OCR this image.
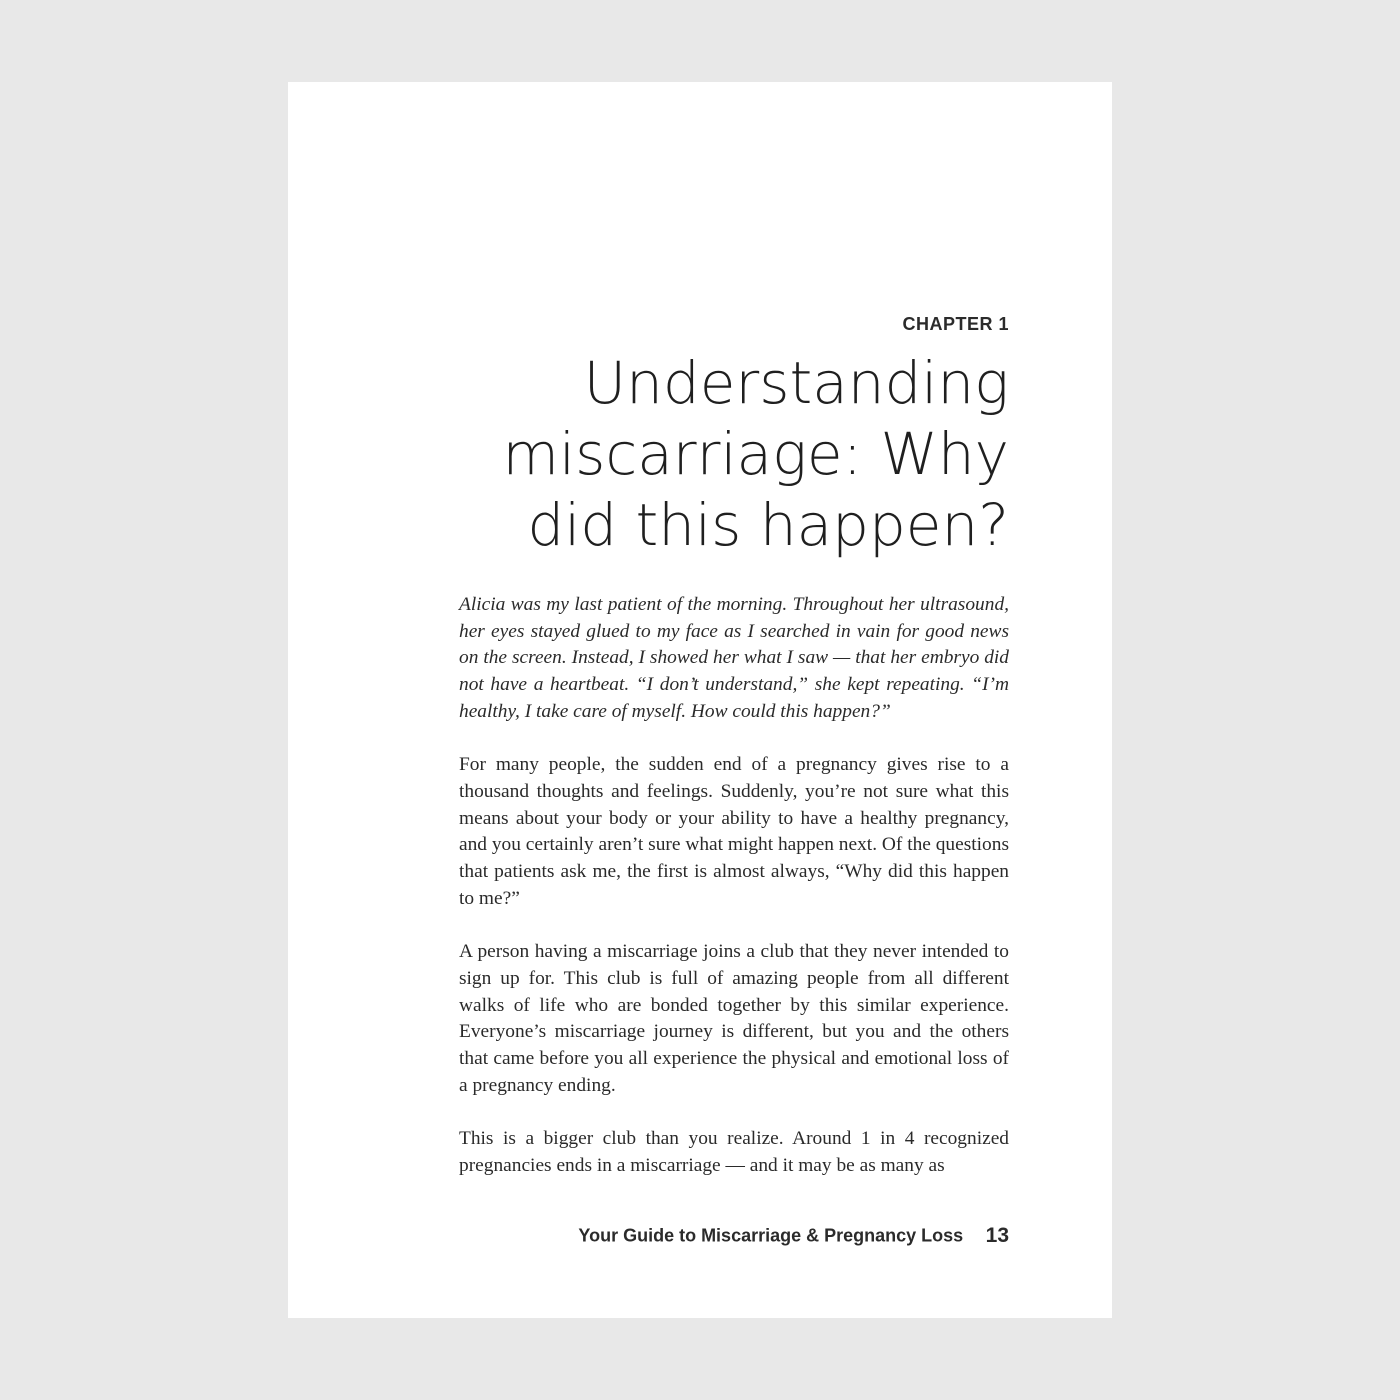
CHAPTER 1
Understanding
miscarriage: Why
did this happen?

Alicia was my last patient of the morning. Throughout her ultrasound, her eyes stayed glued to my face as I searched in vain for good news on the screen. Instead, I showed her what I saw — that her embryo did not have a heartbeat. “I don’t understand,” she kept repeating. “I’m healthy, I take care of myself. How could this happen?”

For many people, the sudden end of a pregnancy gives rise to a thousand thoughts and feelings. Suddenly, you’re not sure what this means about your body or your ability to have a healthy pregnancy, and you certainly aren’t sure what might happen next. Of the questions that patients ask me, the first is almost always, “Why did this happen to me?”

A person having a miscarriage joins a club that they never intended to sign up for. This club is full of amazing people from all different walks of life who are bonded together by this similar experience. Everyone’s miscarriage journey is different, but you and the others that came before you all experience the physical and emotional loss of a pregnancy ending.

This is a bigger club than you realize. Around 1 in 4 recognized pregnancies ends in a miscarriage — and it may be as many as

Your Guide to Miscarriage & Pregnancy Loss 13
